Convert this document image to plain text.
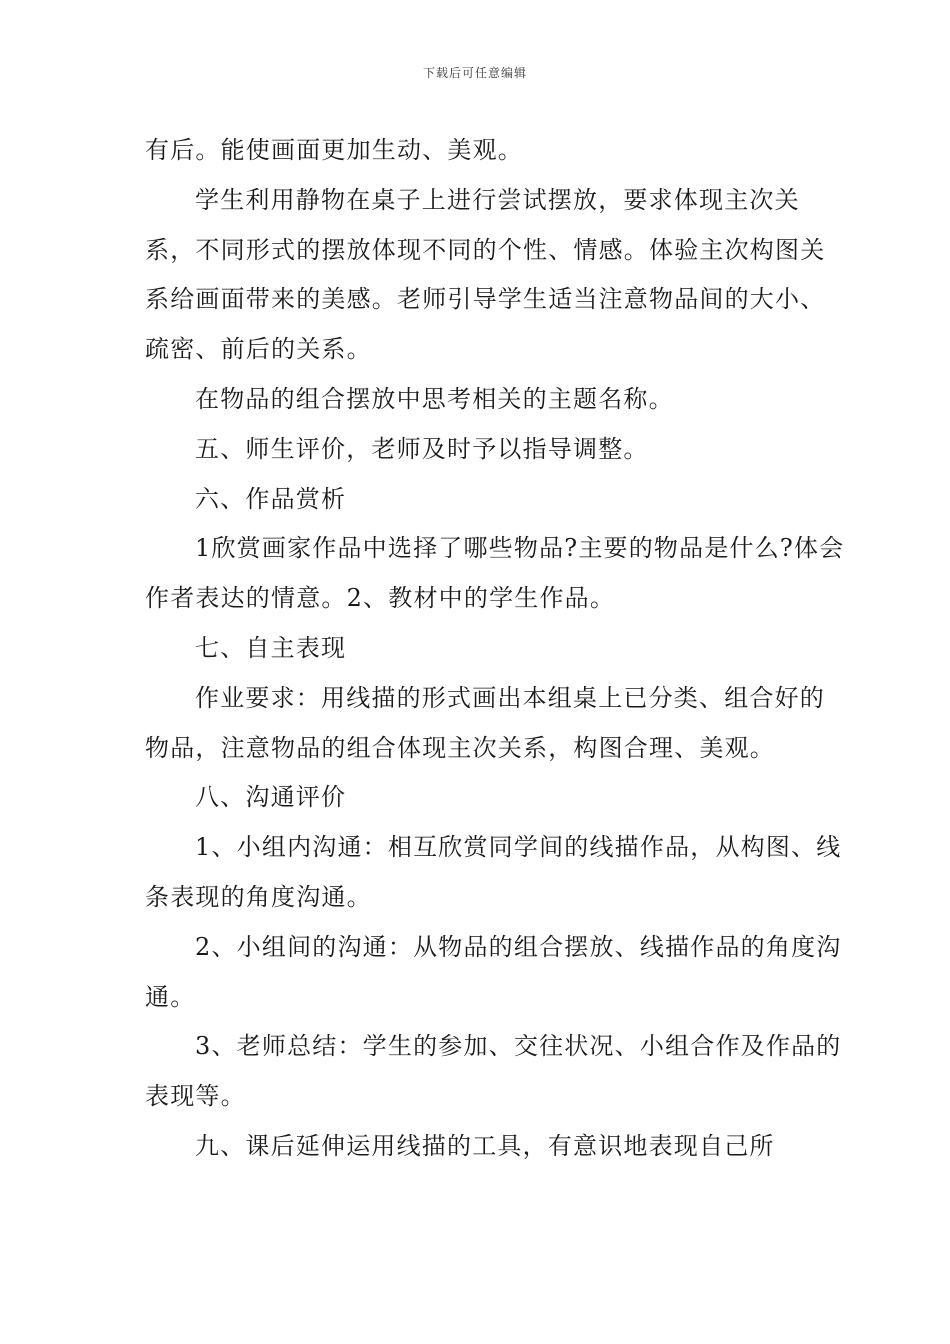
下载后可任意编辑

有后。能使画面更加生动、美观。

学生利用静物在桌子上进行尝试摆放，要求体现主次关系，不同形式的摆放体现不同的个性、情感。体验主次构图关系给画面带来的美感。老师引导学生适当注意物品间的大小、疏密、前后的关系。

在物品的组合摆放中思考相关的主题名称。

五、师生评价，老师及时予以指导调整。

六、作品赏析

1欣赏画家作品中选择了哪些物品?主要的物品是什么?体会作者表达的情意。2、教材中的学生作品。

七、自主表现

作业要求：用线描的形式画出本组桌上已分类、组合好的物品，注意物品的组合体现主次关系，构图合理、美观。

八、沟通评价

1、小组内沟通：相互欣赏同学间的线描作品，从构图、线条表现的角度沟通。

2、小组间的沟通：从物品的组合摆放、线描作品的角度沟通。

3、老师总结：学生的参加、交往状况、小组合作及作品的表现等。

九、课后延伸运用线描的工具，有意识地表现自己所
